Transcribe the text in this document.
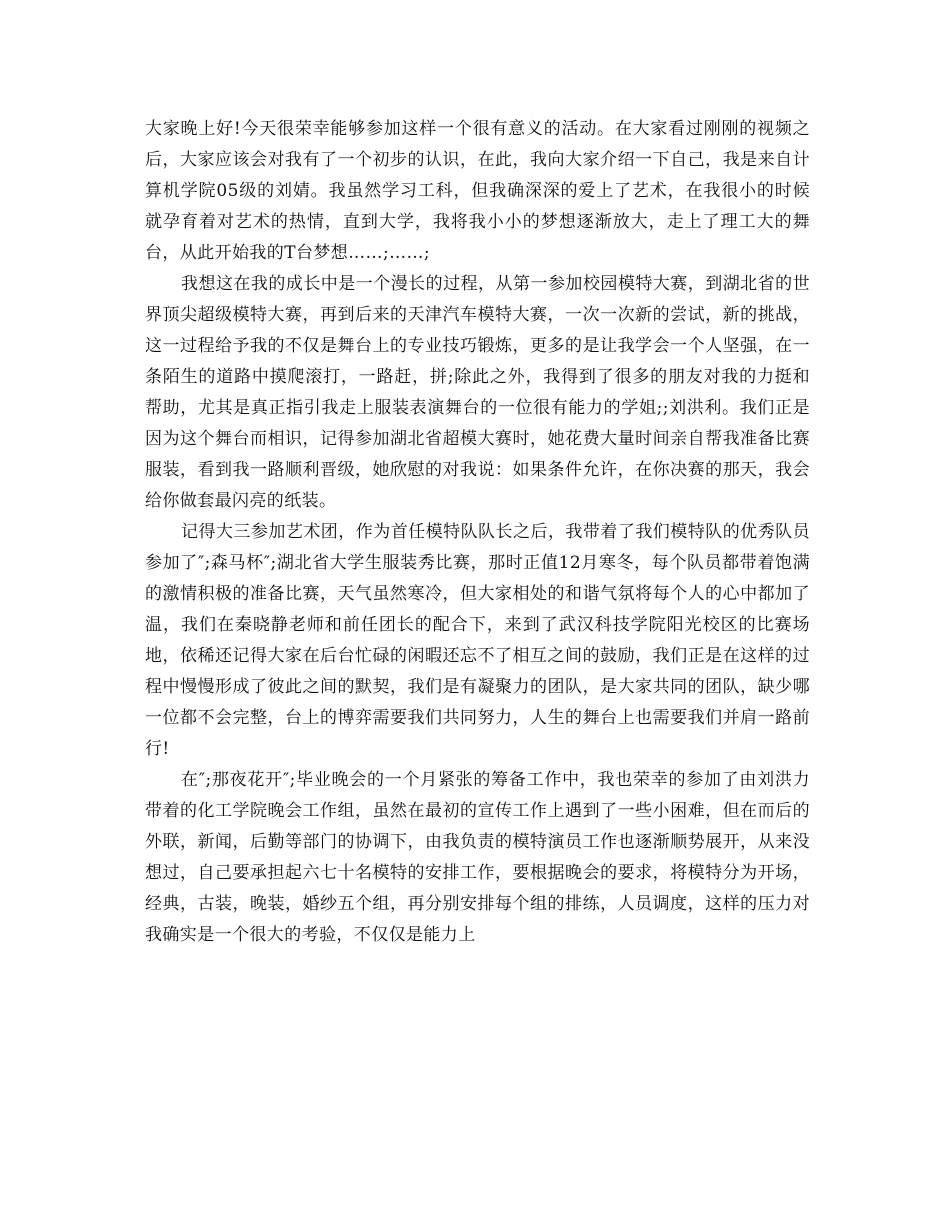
大家晚上好!今天很荣幸能够参加这样一个很有意义的活动。在大家看过刚刚的视频之后，大家应该会对我有了一个初步的认识，在此，我向大家介绍一下自己，我是来自计算机学院05级的刘婧。我虽然学习工科，但我确深深的爱上了艺术，在我很小的时候就孕育着对艺术的热情，直到大学，我将我小小的梦想逐渐放大，走上了理工大的舞台，从此开始我的T台梦想……;……;

我想这在我的成长中是一个漫长的过程，从第一参加校园模特大赛，到湖北省的世界顶尖超级模特大赛，再到后来的天津汽车模特大赛，一次一次新的尝试，新的挑战，这一过程给予我的不仅是舞台上的专业技巧锻炼，更多的是让我学会一个人坚强，在一条陌生的道路中摸爬滚打，一路赶，拼;除此之外，我得到了很多的朋友对我的力挺和帮助，尤其是真正指引我走上服装表演舞台的一位很有能力的学姐;;刘洪利。我们正是因为这个舞台而相识，记得参加湖北省超模大赛时，她花费大量时间亲自帮我准备比赛服装，看到我一路顺利晋级，她欣慰的对我说：如果条件允许，在你决赛的那天，我会给你做套最闪亮的纸装。

记得大三参加艺术团，作为首任模特队队长之后，我带着了我们模特队的优秀队员参加了″;森马杯″;湖北省大学生服装秀比赛，那时正值12月寒冬，每个队员都带着饱满的激情积极的准备比赛，天气虽然寒冷，但大家相处的和谐气氛将每个人的心中都加了温，我们在秦晓静老师和前任团长的配合下，来到了武汉科技学院阳光校区的比赛场地，依稀还记得大家在后台忙碌的闲暇还忘不了相互之间的鼓励，我们正是在这样的过程中慢慢形成了彼此之间的默契，我们是有凝聚力的团队，是大家共同的团队，缺少哪一位都不会完整，台上的博弈需要我们共同努力，人生的舞台上也需要我们并肩一路前行!

在″;那夜花开″;毕业晚会的一个月紧张的筹备工作中，我也荣幸的参加了由刘洪力带着的化工学院晚会工作组，虽然在最初的宣传工作上遇到了一些小困难，但在而后的外联，新闻，后勤等部门的协调下，由我负责的模特演员工作也逐渐顺势展开，从来没想过，自己要承担起六七十名模特的安排工作，要根据晚会的要求，将模特分为开场，经典，古装，晚装，婚纱五个组，再分别安排每个组的排练，人员调度，这样的压力对我确实是一个很大的考验，不仅仅是能力上
